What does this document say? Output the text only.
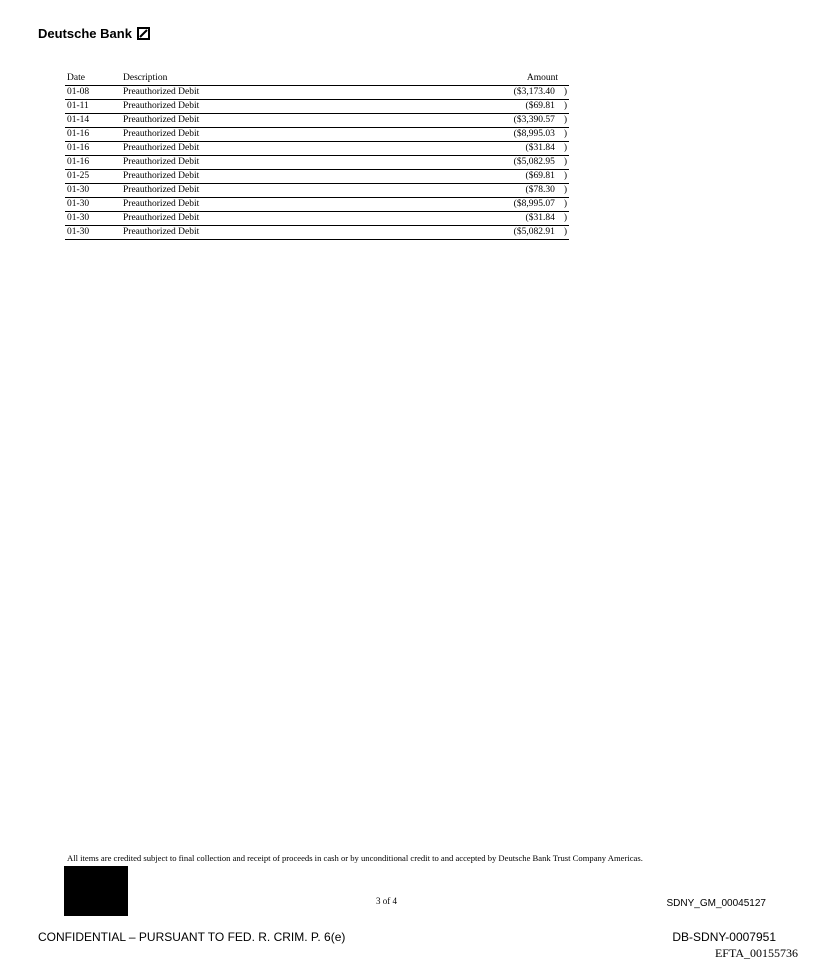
Deutsche Bank
Date	Description	Amount
01-08	Preauthorized Debit	($3,173.40 )
01-11	Preauthorized Debit	($69.81 )
01-14	Preauthorized Debit	($3,390.57 )
01-16	Preauthorized Debit	($8,995.03 )
01-16	Preauthorized Debit	($31.84 )
01-16	Preauthorized Debit	($5,082.95 )
01-25	Preauthorized Debit	($69.81 )
01-30	Preauthorized Debit	($78.30 )
01-30	Preauthorized Debit	($8,995.07 )
01-30	Preauthorized Debit	($31.84 )
01-30	Preauthorized Debit	($5,082.91 )
All items are credited subject to final collection and receipt of proceeds in cash or by unconditional credit to and accepted by Deutsche Bank Trust Company Americas.
3 of 4	SDNY_GM_00045127
CONFIDENTIAL – PURSUANT TO FED. R. CRIM. P. 6(e)	DB-SDNY-0007951
EFTA_00155736
